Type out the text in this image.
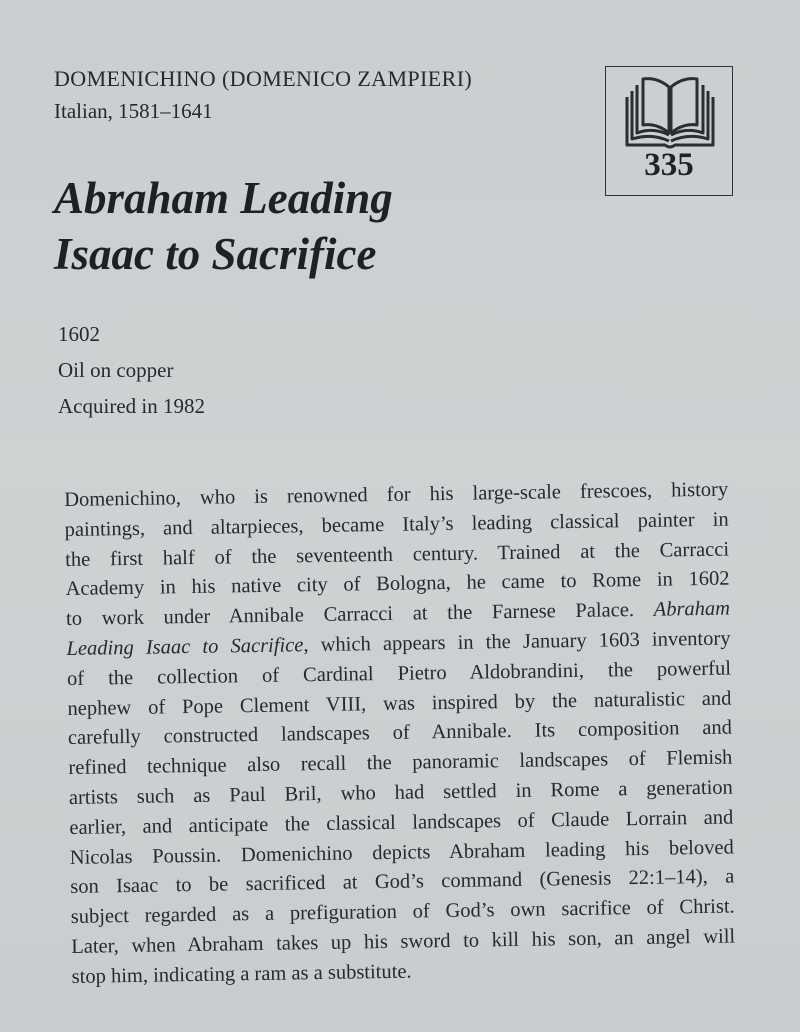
DOMENICHINO (DOMENICO ZAMPIERI)
Italian, 1581–1641
335
Abraham Leading
Isaac to Sacrifice
1602
Oil on copper
Acquired in 1982

Domenichino, who is renowned for his large-scale frescoes, history
paintings, and altarpieces, became Italy’s leading classical painter in
the first half of the seventeenth century. Trained at the Carracci
Academy in his native city of Bologna, he came to Rome in 1602
to work under Annibale Carracci at the Farnese Palace. Abraham
Leading Isaac to Sacrifice, which appears in the January 1603 inventory
of the collection of Cardinal Pietro Aldobrandini, the powerful
nephew of Pope Clement VIII, was inspired by the naturalistic and
carefully constructed landscapes of Annibale. Its composition and
refined technique also recall the panoramic landscapes of Flemish
artists such as Paul Bril, who had settled in Rome a generation
earlier, and anticipate the classical landscapes of Claude Lorrain and
Nicolas Poussin. Domenichino depicts Abraham leading his beloved
son Isaac to be sacrificed at God’s command (Genesis 22:1–14), a
subject regarded as a prefiguration of God’s own sacrifice of Christ.
Later, when Abraham takes up his sword to kill his son, an angel will
stop him, indicating a ram as a substitute.
